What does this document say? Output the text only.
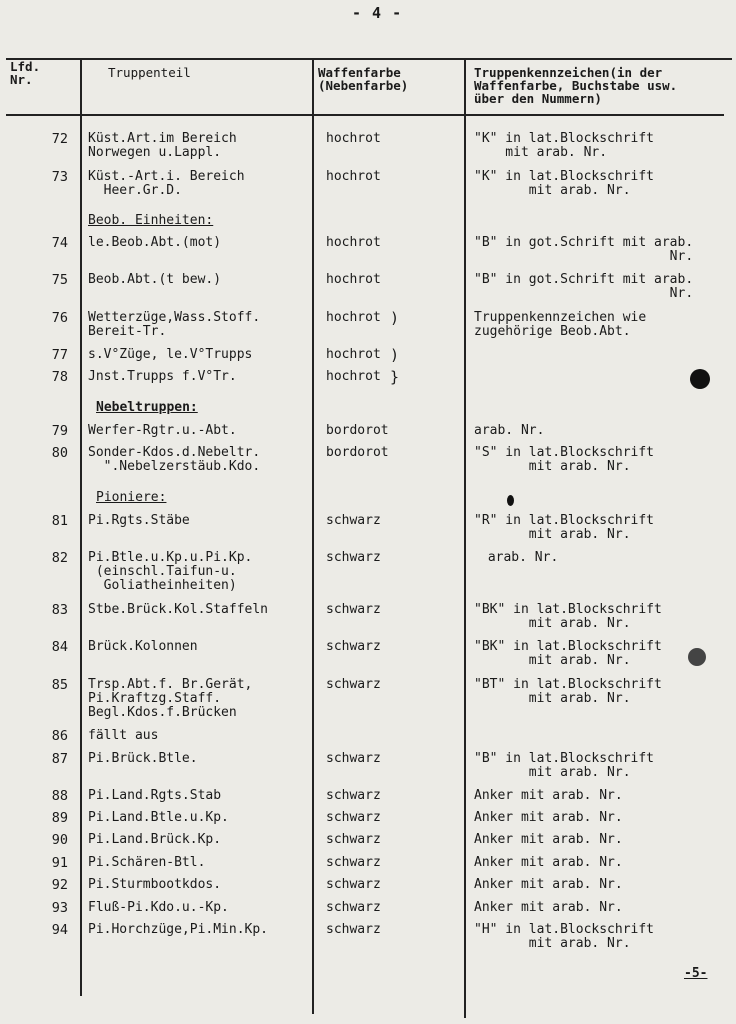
- 4 -
Lfd.
Nr.	Truppenteil	Waffenfarbe
(Nebenfarbe)
Truppenkennzeichen(in der
Waffenfarbe, Buchstabe usw.
über den Nummern)
Beob. Einheiten:
Nebeltruppen:
Pioniere:
72 Küst.Art.im Bereich
Norwegen u.Lappl.
hochrot	"K" in lat.Blockschrift
mit arab. Nr.
73 Küst.-Art.i. Bereich
Heer.Gr.D.
hochrot	"K" in lat.Blockschrift
mit arab. Nr.
74 le.Beob.Abt.(mot)	hochrot	"B" in got.Schrift mit arab.
Nr.
75 Beob.Abt.(t bew.)	hochrot	"B" in got.Schrift mit arab.
Nr.
76 Wetterzüge,Wass.Stoff.
Bereit-Tr.
hochrot	Truppenkennzeichen wie
zugehörige Beob.Abt.
77 s.V°Züge, le.V°Trupps	hochrot
78 Jnst.Trupps f.V°Tr.	hochrot
)
)
}
79 Werfer-Rgtr.u.-Abt.	bordorot	arab. Nr.
80 Sonder-Kdos.d.Nebeltr.
".Nebelzerstäub.Kdo.
bordorot	"S" in lat.Blockschrift
mit arab. Nr.
81 Pi.Rgts.Stäbe	schwarz	"R" in lat.Blockschrift
mit arab. Nr.
82 Pi.Btle.u.Kp.u.Pi.Kp.
(einschl.Taifun-u.
Goliatheinheiten)
schwarz	arab. Nr.
83 Stbe.Brück.Kol.Staffeln	schwarz	"BK" in lat.Blockschrift
mit arab. Nr.
84 Brück.Kolonnen	schwarz	"BK" in lat.Blockschrift
mit arab. Nr.
85 Trsp.Abt.f. Br.Gerät,
Pi.Kraftzg.Staff.
Begl.Kdos.f.Brücken
schwarz	"BT" in lat.Blockschrift
mit arab. Nr.
86 fällt aus
87 Pi.Brück.Btle.	schwarz	"B" in lat.Blockschrift
mit arab. Nr.
88 Pi.Land.Rgts.Stab	schwarz	Anker mit arab. Nr.
89 Pi.Land.Btle.u.Kp.	schwarz	Anker mit arab. Nr.
90 Pi.Land.Brück.Kp.	schwarz	Anker mit arab. Nr.
91 Pi.Schären-Btl.	schwarz	Anker mit arab. Nr.
92 Pi.Sturmbootkdos.	schwarz	Anker mit arab. Nr.
93 Fluß-Pi.Kdo.u.-Kp.	schwarz	Anker mit arab. Nr.
94 Pi.Horchzüge,Pi.Min.Kp.	schwarz	"H" in lat.Blockschrift
mit arab. Nr.
-5-
